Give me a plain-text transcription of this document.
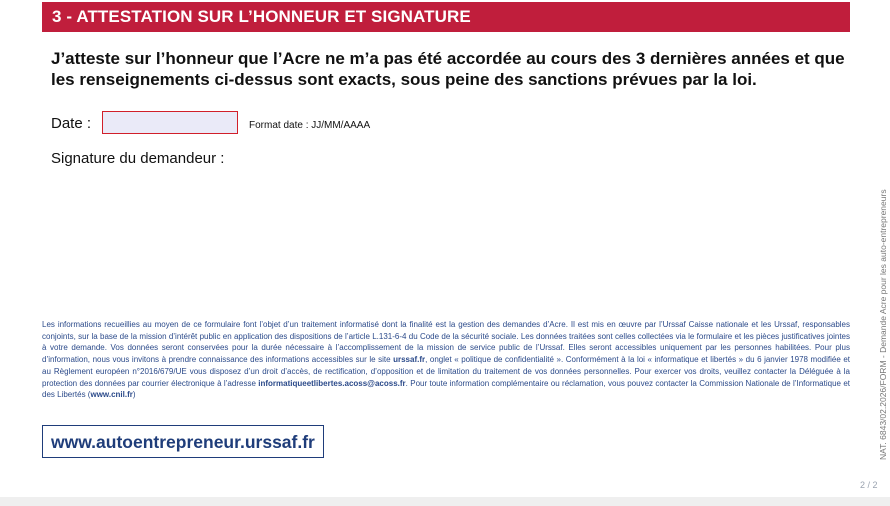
3 - ATTESTATION SUR L’HONNEUR ET SIGNATURE
J’atteste sur l’honneur que l’Acre ne m’a pas été accordée au cours des 3 dernières années et que les renseignements ci-dessus sont exacts, sous peine des sanctions prévues par la loi.
Date :	Format date : JJ/MM/AAAA
Signature du demandeur :
Les informations recueillies au moyen de ce formulaire font l’objet d’un traitement informatisé dont la finalité est la gestion des demandes d’Acre. Il est mis en œuvre par l’Urssaf Caisse nationale et les Urssaf, responsables conjoints, sur la base de la mission d’intérêt public en application des dispositions de l’article L.131-6-4 du Code de la sécurité sociale. Les données traitées sont celles collectées via le formulaire et les pièces justificatives jointes à votre demande. Vos données seront conservées pour la durée nécessaire à l’accomplissement de la mission de service public de l’Urssaf. Elles seront accessibles uniquement par les personnes habilitées. Pour plus d’information, nous vous invitons à prendre connaissance des informations accessibles sur le site urssaf.fr, onglet « politique de confidentialité ». Conformément à la loi « informatique et libertés » du 6 janvier 1978 modifiée et au Règlement européen n°2016/679/UE vous disposez d’un droit d’accès, de rectification, d’opposition et de limitation du traitement de vos données personnelles. Pour exercer vos droits, veuillez contacter la Déléguée à la protection des données par courrier électronique à l’adresse informatiqueetlibertes.acoss@acoss.fr. Pour toute information complémentaire ou réclamation, vous pouvez contacter la Commission Nationale de l’Informatique et des Libertés (www.cnil.fr)
www.autoentrepreneur.urssaf.fr	NAT. 6843/02.2026/FORM - Demande Acre pour les auto-entrepreneurs
2 / 2
